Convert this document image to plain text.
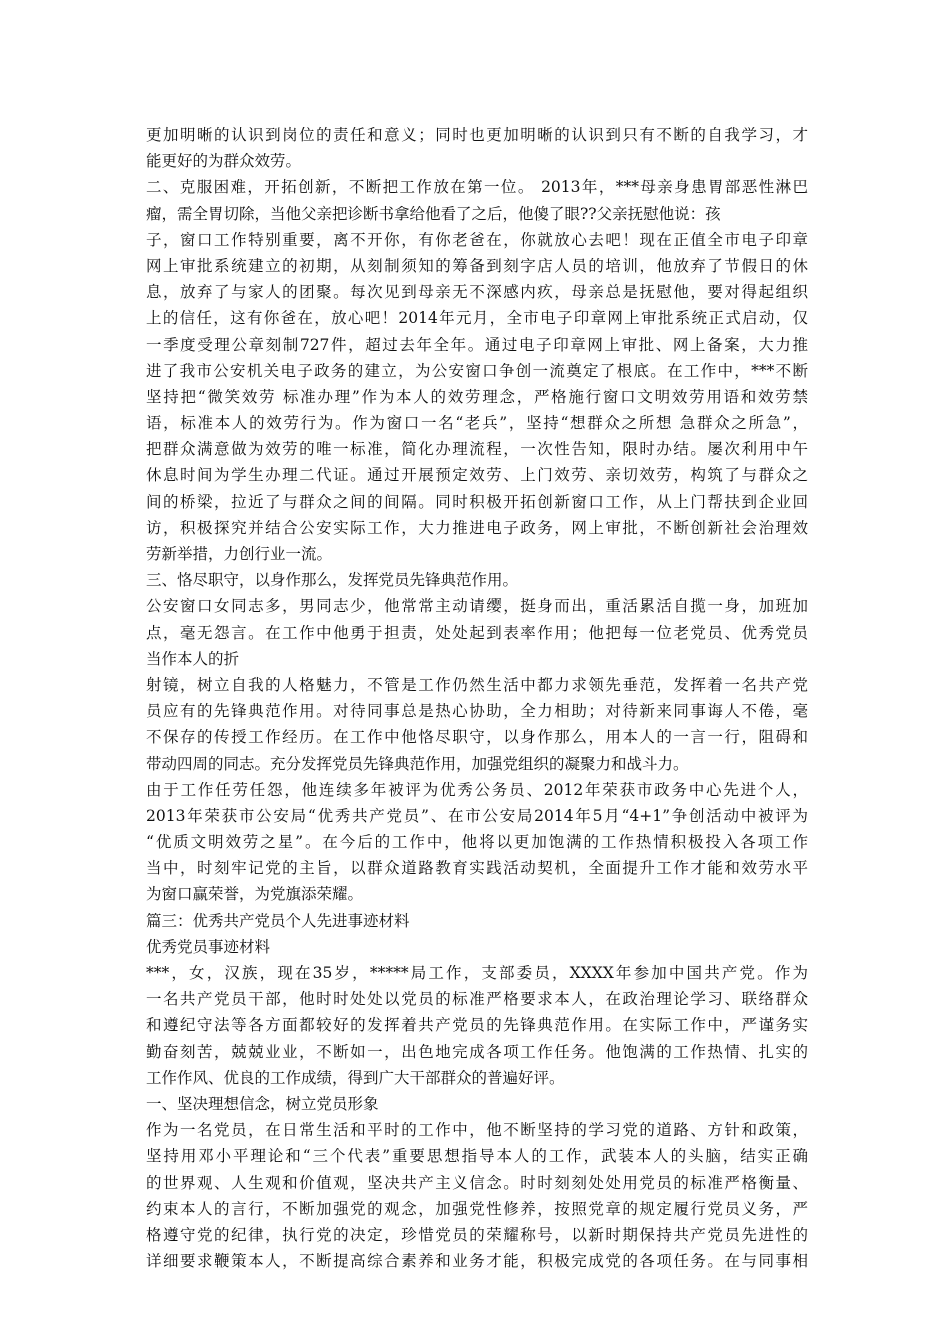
更加明晰的认识到岗位的责任和意义；同时也更加明晰的认识到只有不断的自我学习，才
能更好的为群众效劳。
二、克服困难，开拓创新，不断把工作放在第一位。 2013年，***母亲身患胃部恶性淋巴
瘤，需全胃切除，当他父亲把诊断书拿给他看了之后，他傻了眼??父亲抚慰他说：孩
子，窗口工作特别重要，离不开你，有你老爸在，你就放心去吧！现在正值全市电子印章
网上审批系统建立的初期，从刻制须知的筹备到刻字店人员的培训，他放弃了节假日的休
息，放弃了与家人的团聚。每次见到母亲无不深感内疚，母亲总是抚慰他，要对得起组织
上的信任，这有你爸在，放心吧！2014年元月，全市电子印章网上审批系统正式启动，仅
一季度受理公章刻制727件，超过去年全年。通过电子印章网上审批、网上备案，大力推
进了我市公安机关电子政务的建立，为公安窗口争创一流奠定了根底。在工作中，***不断
坚持把“微笑效劳 标准办理”作为本人的效劳理念，严格施行窗口文明效劳用语和效劳禁
语，标准本人的效劳行为。作为窗口一名“老兵”，坚持“想群众之所想 急群众之所急”，
把群众满意做为效劳的唯一标准，简化办理流程，一次性告知，限时办结。屡次利用中午
休息时间为学生办理二代证。通过开展预定效劳、上门效劳、亲切效劳，构筑了与群众之
间的桥梁，拉近了与群众之间的间隔。同时积极开拓创新窗口工作，从上门帮扶到企业回
访，积极探究并结合公安实际工作，大力推进电子政务，网上审批，不断创新社会治理效
劳新举措，力创行业一流。
三、恪尽职守，以身作那么，发挥党员先锋典范作用。
公安窗口女同志多，男同志少，他常常主动请缨，挺身而出，重活累活自揽一身，加班加
点，毫无怨言。在工作中他勇于担责，处处起到表率作用；他把每一位老党员、优秀党员
当作本人的折
射镜，树立自我的人格魅力，不管是工作仍然生活中都力求领先垂范，发挥着一名共产党
员应有的先锋典范作用。对待同事总是热心协助，全力相助；对待新来同事诲人不倦，毫
不保存的传授工作经历。在工作中他恪尽职守，以身作那么，用本人的一言一行，阻碍和
带动四周的同志。充分发挥党员先锋典范作用，加强党组织的凝聚力和战斗力。
由于工作任劳任怨，他连续多年被评为优秀公务员、2012年荣获市政务中心先进个人，
2013年荣获市公安局“优秀共产党员”、在市公安局2014年5月“4+1”争创活动中被评为
“优质文明效劳之星”。在今后的工作中，他将以更加饱满的工作热情积极投入各项工作
当中，时刻牢记党的主旨，以群众道路教育实践活动契机，全面提升工作才能和效劳水平
为窗口赢荣誉，为党旗添荣耀。
篇三：优秀共产党员个人先进事迹材料
优秀党员事迹材料
***，女，汉族，现在35岁，*****局工作，支部委员，XXXX年参加中国共产党。作为
一名共产党员干部，他时时处处以党员的标准严格要求本人，在政治理论学习、联络群众
和遵纪守法等各方面都较好的发挥着共产党员的先锋典范作用。在实际工作中，严谨务实
勤奋刻苦，兢兢业业，不断如一，出色地完成各项工作任务。他饱满的工作热情、扎实的
工作作风、优良的工作成绩，得到广大干部群众的普遍好评。
一、坚决理想信念，树立党员形象
作为一名党员，在日常生活和平时的工作中，他不断坚持的学习党的道路、方针和政策，
坚持用邓小平理论和“三个代表”重要思想指导本人的工作，武装本人的头脑，结实正确
的世界观、人生观和价值观，坚决共产主义信念。时时刻刻处处用党员的标准严格衡量、
约束本人的言行，不断加强党的观念，加强党性修养，按照党章的规定履行党员义务，严
格遵守党的纪律，执行党的决定，珍惜党员的荣耀称号，以新时期保持共产党员先进性的
详细要求鞭策本人，不断提高综合素养和业务才能，积极完成党的各项任务。在与同事相
